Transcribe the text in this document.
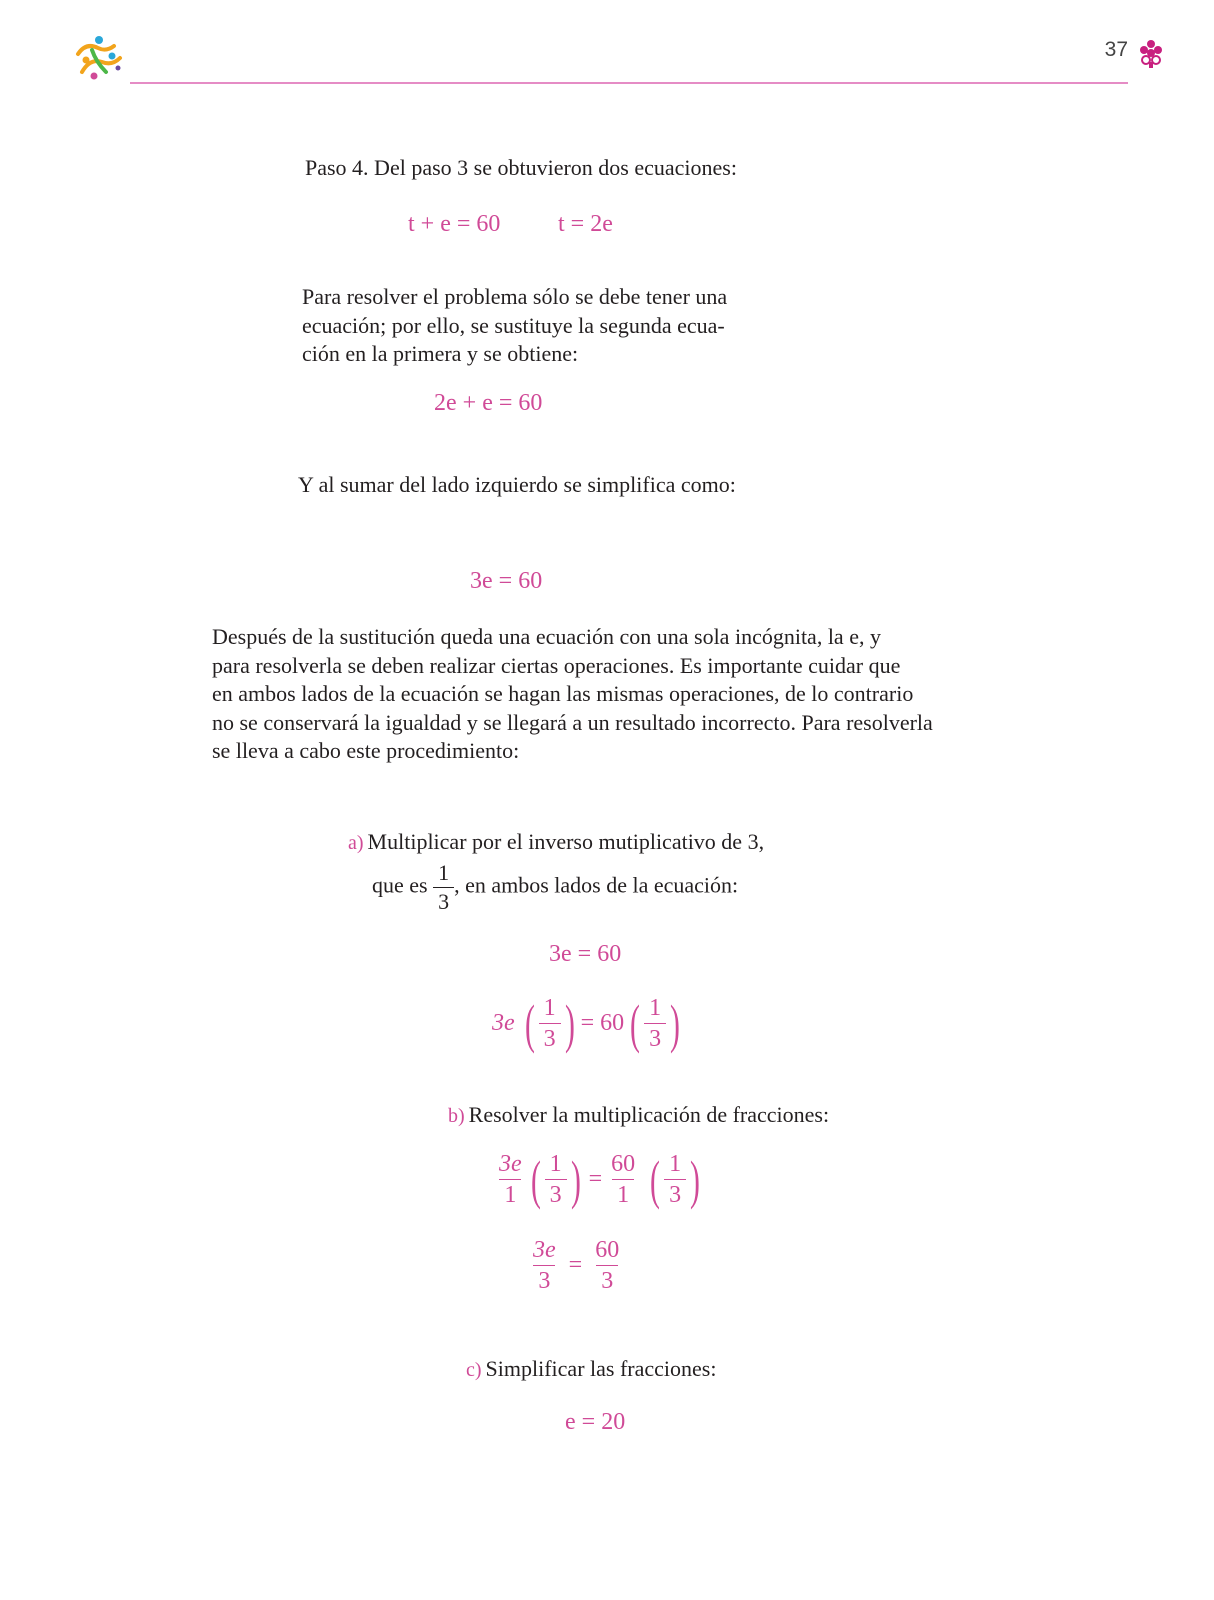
37

Paso 4. Del paso 3 se obtuvieron dos ecuaciones:

t + e = 60 t = 2e

Para resolver el problema sólo se debe tener una

ecuación; por ello, se sustituye la segunda ecua-

ción en la primera y se obtiene:

2e + e = 60

Y al sumar del lado izquierdo se simplifica como:

3e = 60

Después de la sustitución queda una ecuación con una sola incógnita, la e, y

para resolverla se deben realizar ciertas operaciones. Es importante cuidar que

en ambos lados de la ecuación se hagan las mismas operaciones, de lo contrario

no se conservará la igualdad y se llegará a un resultado incorrecto. Para resolverla

se lleva a cabo este procedimiento:

a) Multiplicar por el inverso mutiplicativo de 3,
que es $\frac{1}{3}$ , en ambos lados de la ecuación:
3e = 60
3e ( $\frac{1}{3}$ ) = 60 ( $\frac{1}{3}$ )
b) Resolver la multiplicación de fracciones:
$\frac{3e}{1}$ ( $\frac{1}{3}$ ) = $\frac{60}{1}$ ( $\frac{1}{3}$ )
$\frac{3e}{3} = \frac{60}{3}$
c) Simplificar las fracciones:
e = 20
